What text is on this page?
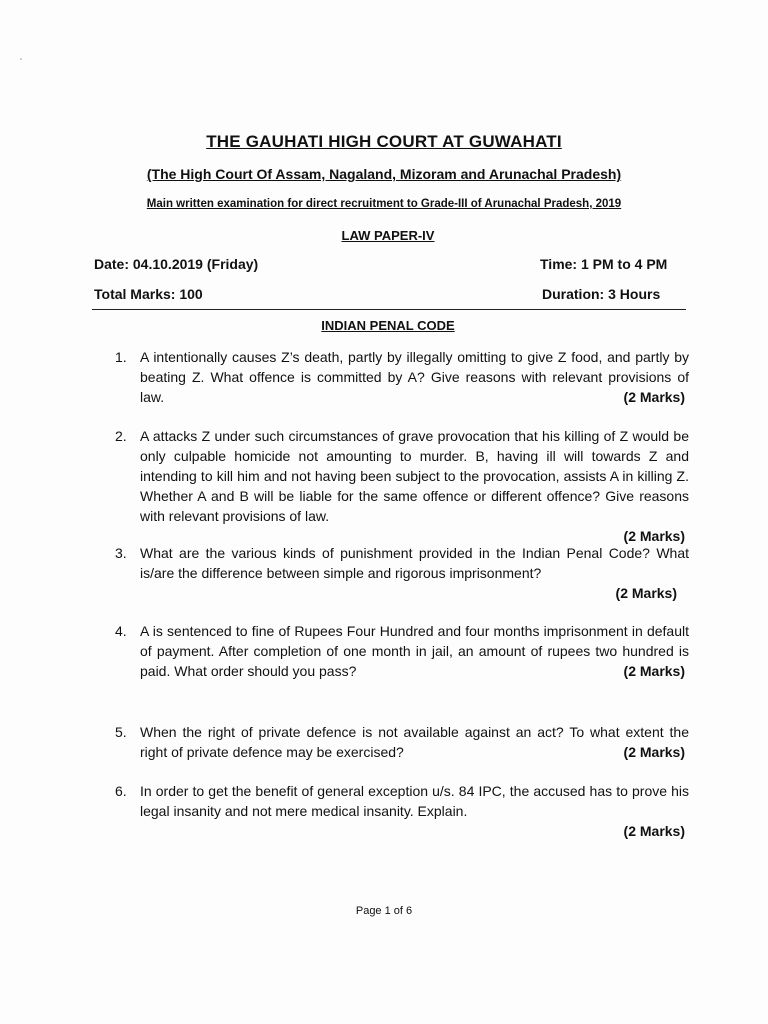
THE GAUHATI HIGH COURT AT GUWAHATI
(The High Court Of Assam, Nagaland, Mizoram and Arunachal Pradesh)
Main written examination for direct recruitment to Grade-III of Arunachal Pradesh, 2019
LAW PAPER-IV
Date: 04.10.2019 (Friday)	Time: 1 PM to 4 PM
Total Marks: 100	Duration: 3 Hours
INDIAN PENAL CODE
1. A intentionally causes Z’s death, partly by illegally omitting to give Z food, and partly by beating Z. What offence is committed by A? Give reasons with relevant provisions of law.	(2 Marks)
2. A attacks Z under such circumstances of grave provocation that his killing of Z would be only culpable homicide not amounting to murder. B, having ill will towards Z and intending to kill him and not having been subject to the provocation, assists A in killing Z. Whether A and B will be liable for the same offence or different offence? Give reasons with relevant provisions of law.
(2 Marks)
3. What are the various kinds of punishment provided in the Indian Penal Code? What is/are the difference between simple and rigorous imprisonment?
(2 Marks)
4. A is sentenced to fine of Rupees Four Hundred and four months imprisonment in default of payment. After completion of one month in jail, an amount of rupees two hundred is paid. What order should you pass?	(2 Marks)
5. When the right of private defence is not available against an act? To what extent the right of private defence may be exercised?	(2 Marks)
6. In order to get the benefit of general exception u/s. 84 IPC, the accused has to prove his legal insanity and not mere medical insanity. Explain.
(2 Marks)
Page 1 of 6
